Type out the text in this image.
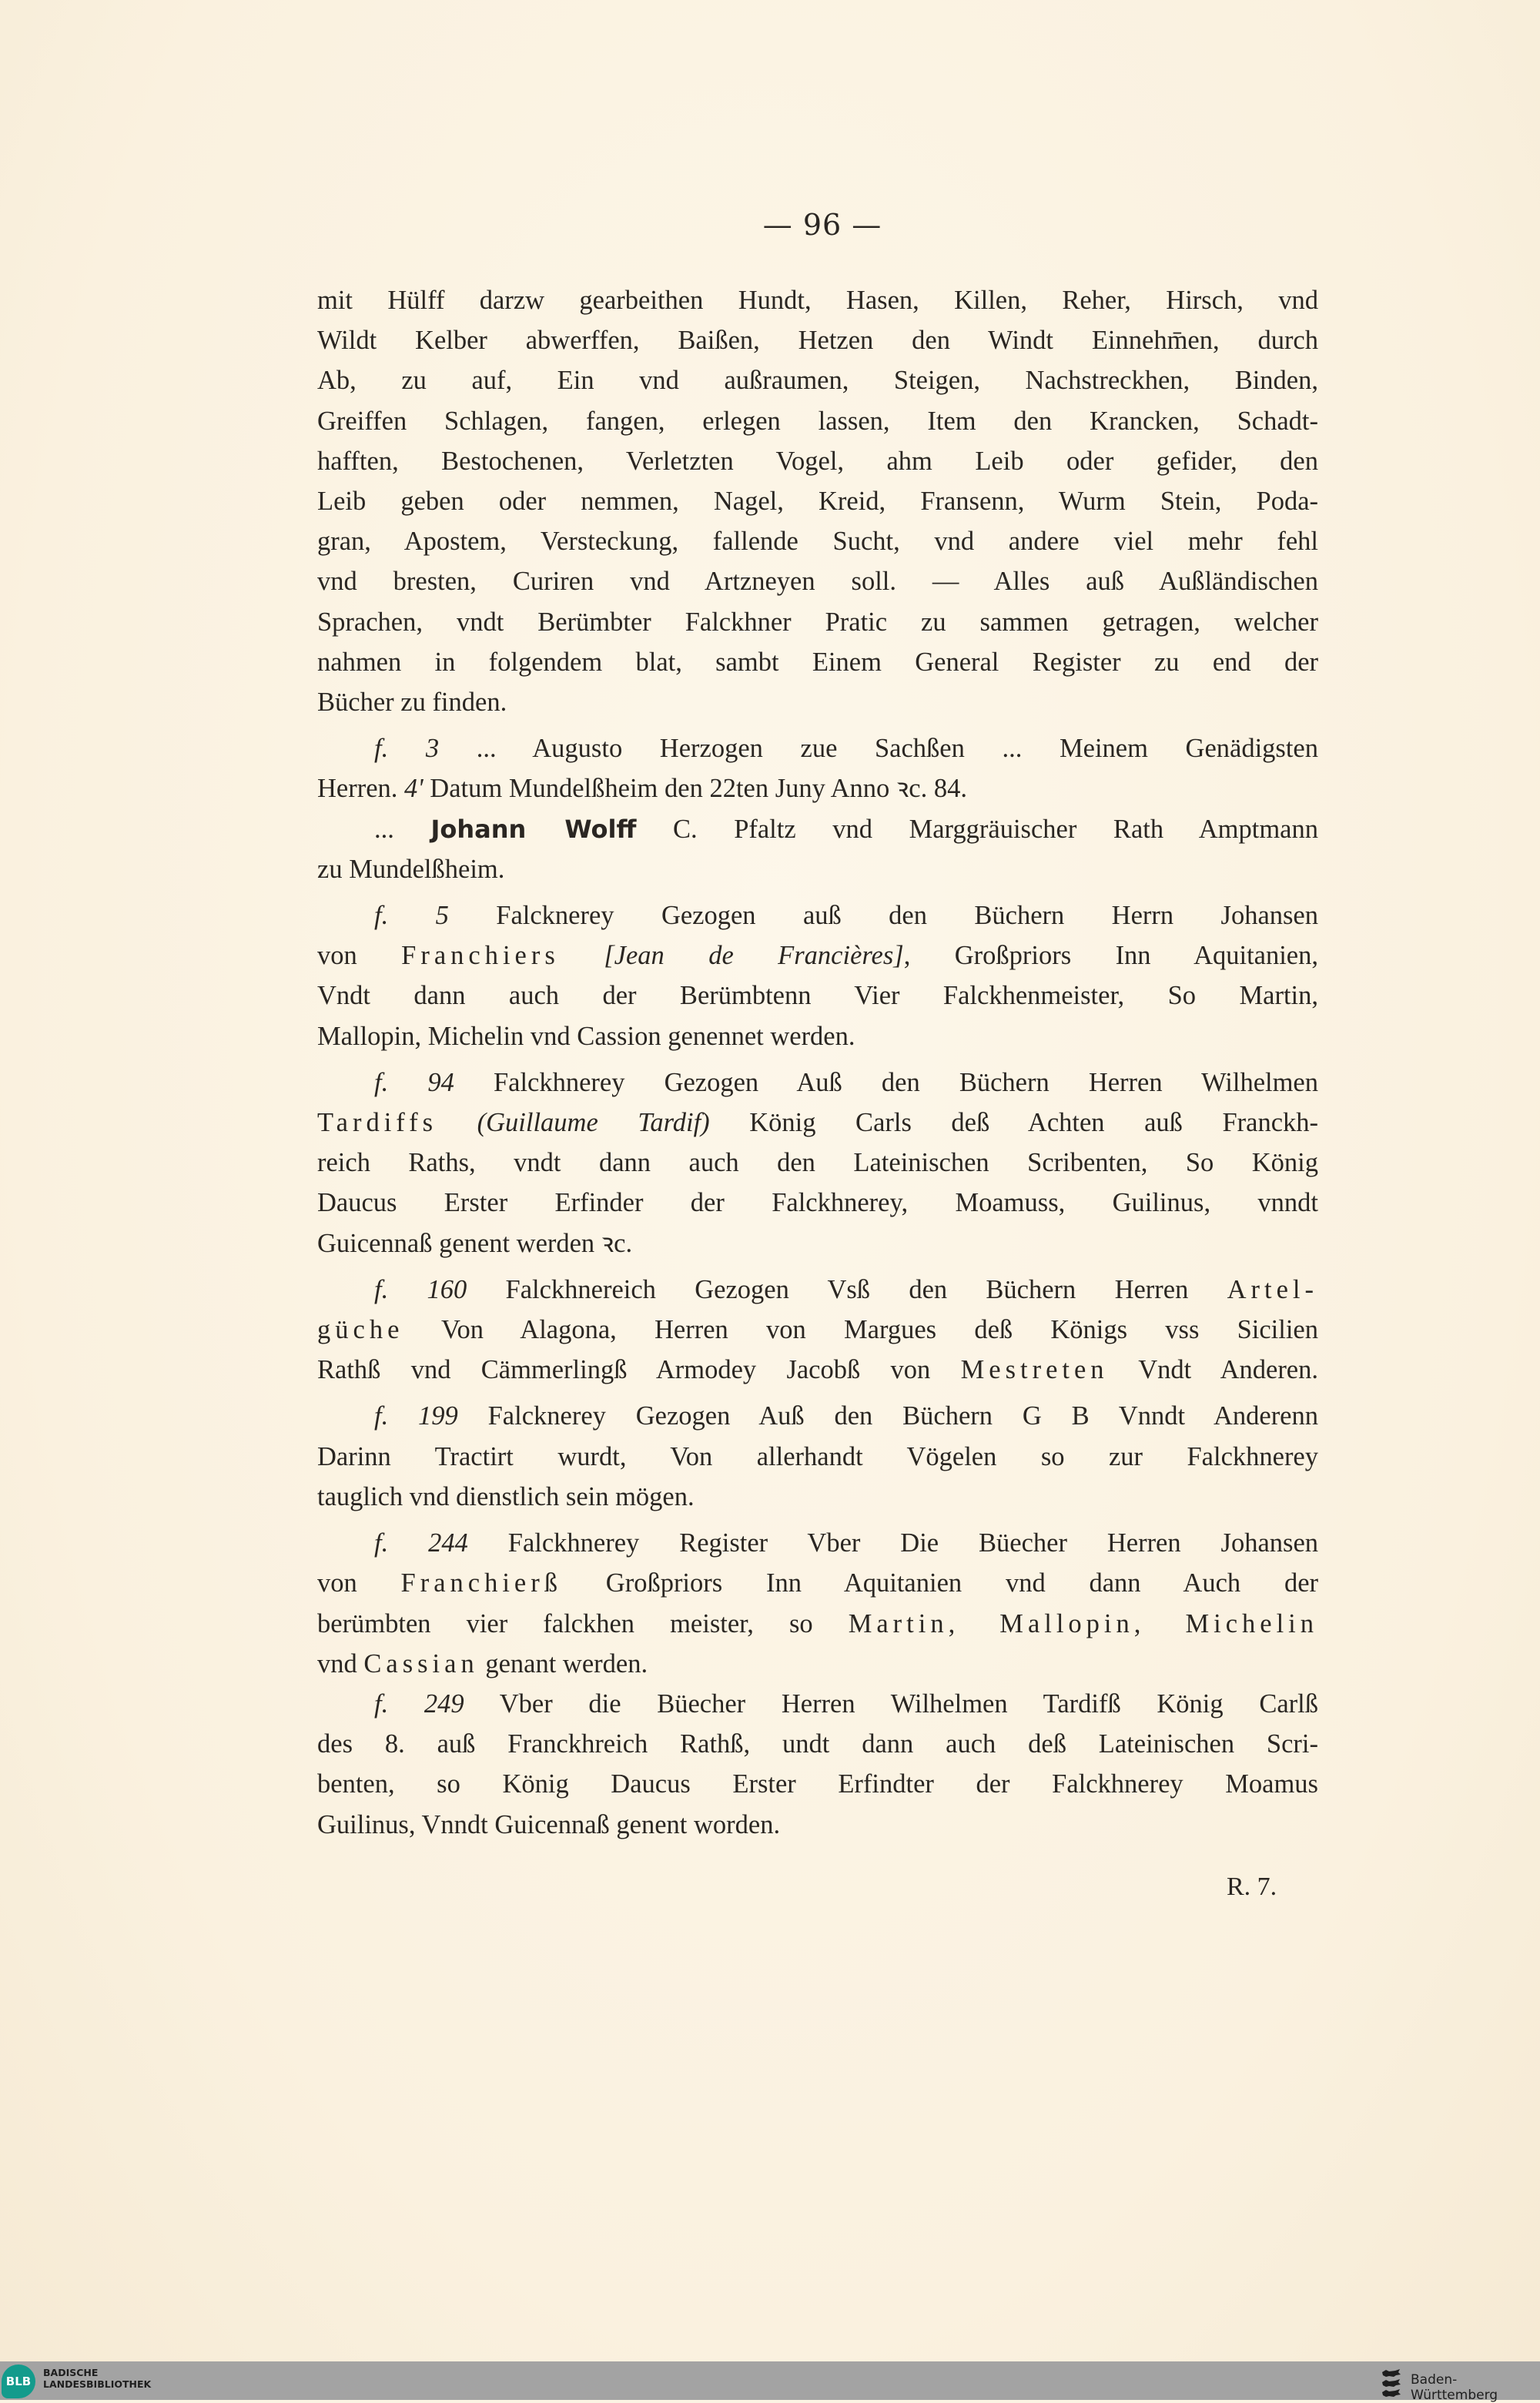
— 96 —

mit Hülff darzw gearbeithen Hundt, Hasen, Killen, Reher, Hirsch, vnd
Wildt Kelber abwerffen, Baißen, Hetzen den Windt Einnehm̄en, durch
Ab, zu auf, Ein vnd außraumen, Steigen, Nachstreckhen, Binden,
Greiffen Schlagen, fangen, erlegen lassen, Item den Krancken, Schadt-
hafften, Bestochenen, Verletzten Vogel, ahm Leib oder gefider, den
Leib geben oder nemmen, Nagel, Kreid, Fransenn, Wurm Stein, Poda-
gran, Apostem, Versteckung, fallende Sucht, vnd andere viel mehr fehl
vnd bresten, Curiren vnd Artzneyen soll. — Alles auß Außländischen
Sprachen, vndt Berümbter Falckhner Pratic zu sammen getragen, welcher
nahmen in folgendem blat, sambt Einem General Register zu end der
Bücher zu finden.

f. 3 ... Augusto Herzogen zue Sachßen ... Meinem Genädigsten
Herren. 4' Datum Mundelßheim den 22ten Juny Anno ꝛc. 84.
... Johann Wolff C. Pfaltz vnd Marggräuischer Rath Amptmann
zu Mundelßheim.

f. 5 Falcknerey Gezogen auß den Büchern Herrn Johansen
von Franchiers [Jean de Francières], Großpriors Inn Aquitanien,
Vndt dann auch der Berümbtenn Vier Falckhenmeister, So Martin,
Mallopin, Michelin vnd Cassion genennet werden.

f. 94 Falckhnerey Gezogen Auß den Büchern Herren Wilhelmen
Tardiffs (Guillaume Tardif) König Carls deß Achten auß Franckh-
reich Raths, vndt dann auch den Lateinischen Scribenten, So König
Daucus Erster Erfinder der Falckhnerey, Moamuss, Guilinus, vnndt
Guicennaß genent werden ꝛc.

f. 160 Falckhnereich Gezogen Vsß den Büchern Herren Artel-
güche Von Alagona, Herren von Margues deß Königs vss Sicilien
Rathß vnd Cämmerlingß Armodey Jacobß von Mestreten Vndt Anderen.

f. 199 Falcknerey Gezogen Auß den Büchern G B Vnndt Anderenn
Darinn Tractirt wurdt, Von allerhandt Vögelen so zur Falckhnerey
tauglich vnd dienstlich sein mögen.

f. 244 Falckhnerey Register Vber Die Büecher Herren Johansen
von Franchierß Großpriors Inn Aquitanien vnd dann Auch der
berümbten vier falckhen meister, so Martin, Mallopin, Michelin
vnd Cassian genant werden.

f. 249 Vber die Büecher Herren Wilhelmen Tardifß König Carlß
des 8. auß Franckhreich Rathß, undt dann auch deß Lateinischen Scri-
benten, so König Daucus Erster Erfindter der Falckhnerey Moamus
Guilinus, Vnndt Guicennaß genent worden.

R. 7.
BLB
BADISCHE
LANDESBIBLIOTHEK	Baden-Württemberg
